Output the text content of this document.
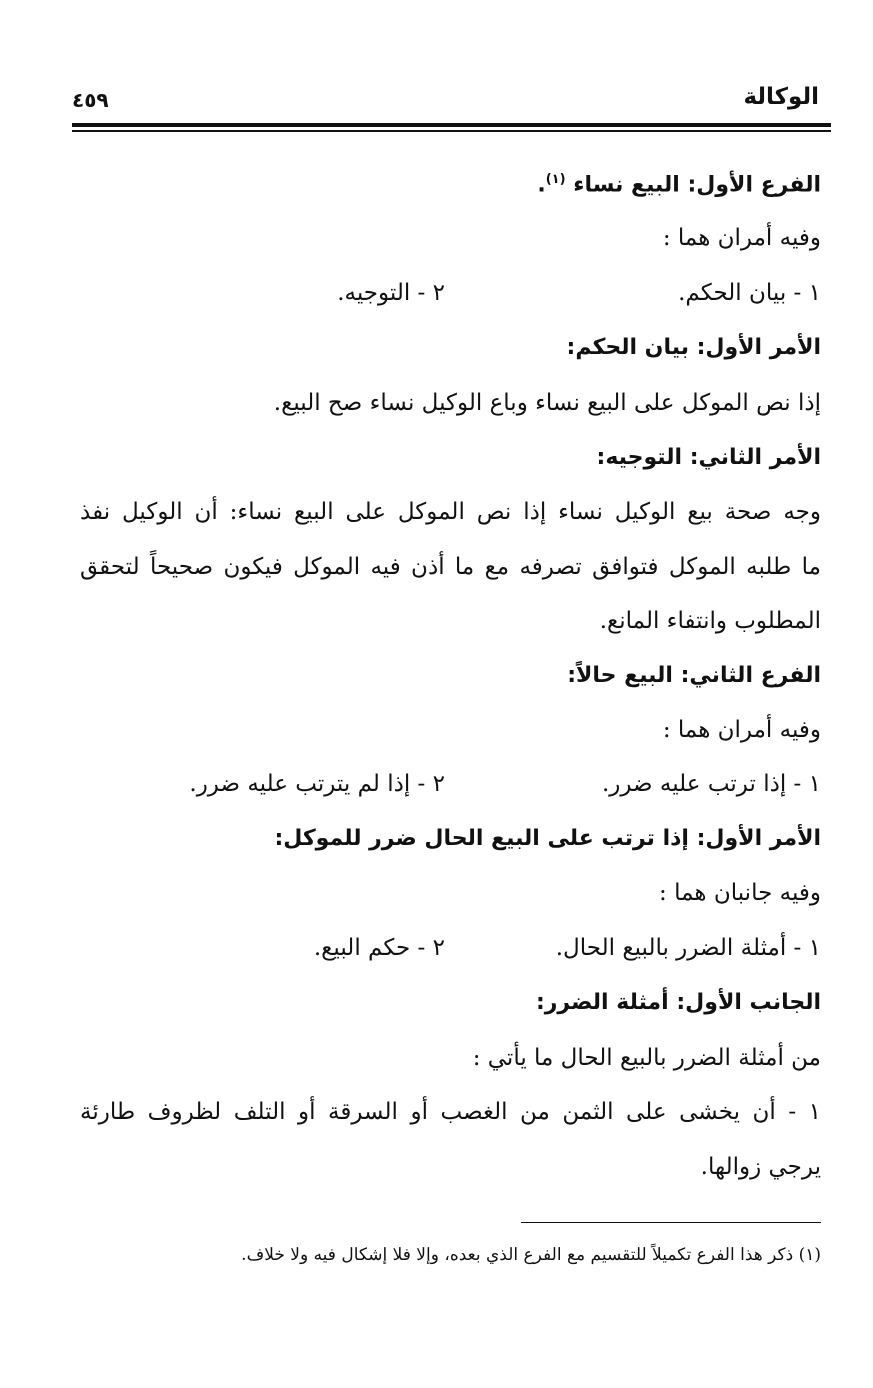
الوكالة
٤٥٩
الفرع الأول: البيع نساء $^{(١)}$.
وفيه أمران هما :
١ - بيان الحكم.
٢ - التوجيه.
الأمر الأول: بيان الحكم:
إذا نص الموكل على البيع نساء وباع الوكيل نساء صح البيع.
الأمر الثاني: التوجيه:
وجه صحة بيع الوكيل نساء إذا نص الموكل على البيع نساء: أن الوكيل نفذ
ما طلبه الموكل فتوافق تصرفه مع ما أذن فيه الموكل فيكون صحيحاً لتحقق
المطلوب وانتفاء المانع.
الفرع الثاني: البيع حالاً:
وفيه أمران هما :
١ - إذا ترتب عليه ضرر.
٢ - إذا لم يترتب عليه ضرر.
الأمر الأول: إذا ترتب على البيع الحال ضرر للموكل:
وفيه جانبان هما :
١ - أمثلة الضرر بالبيع الحال.
٢ - حكم البيع.
الجانب الأول: أمثلة الضرر:
من أمثلة الضرر بالبيع الحال ما يأتي :
١ - أن يخشى على الثمن من الغصب أو السرقة أو التلف لظروف طارئة
يرجي زوالها.
(١) ذكر هذا الفرع تكميلاً للتقسيم مع الفرع الذي بعده، وإلا فلا إشكال فيه ولا خلاف.
